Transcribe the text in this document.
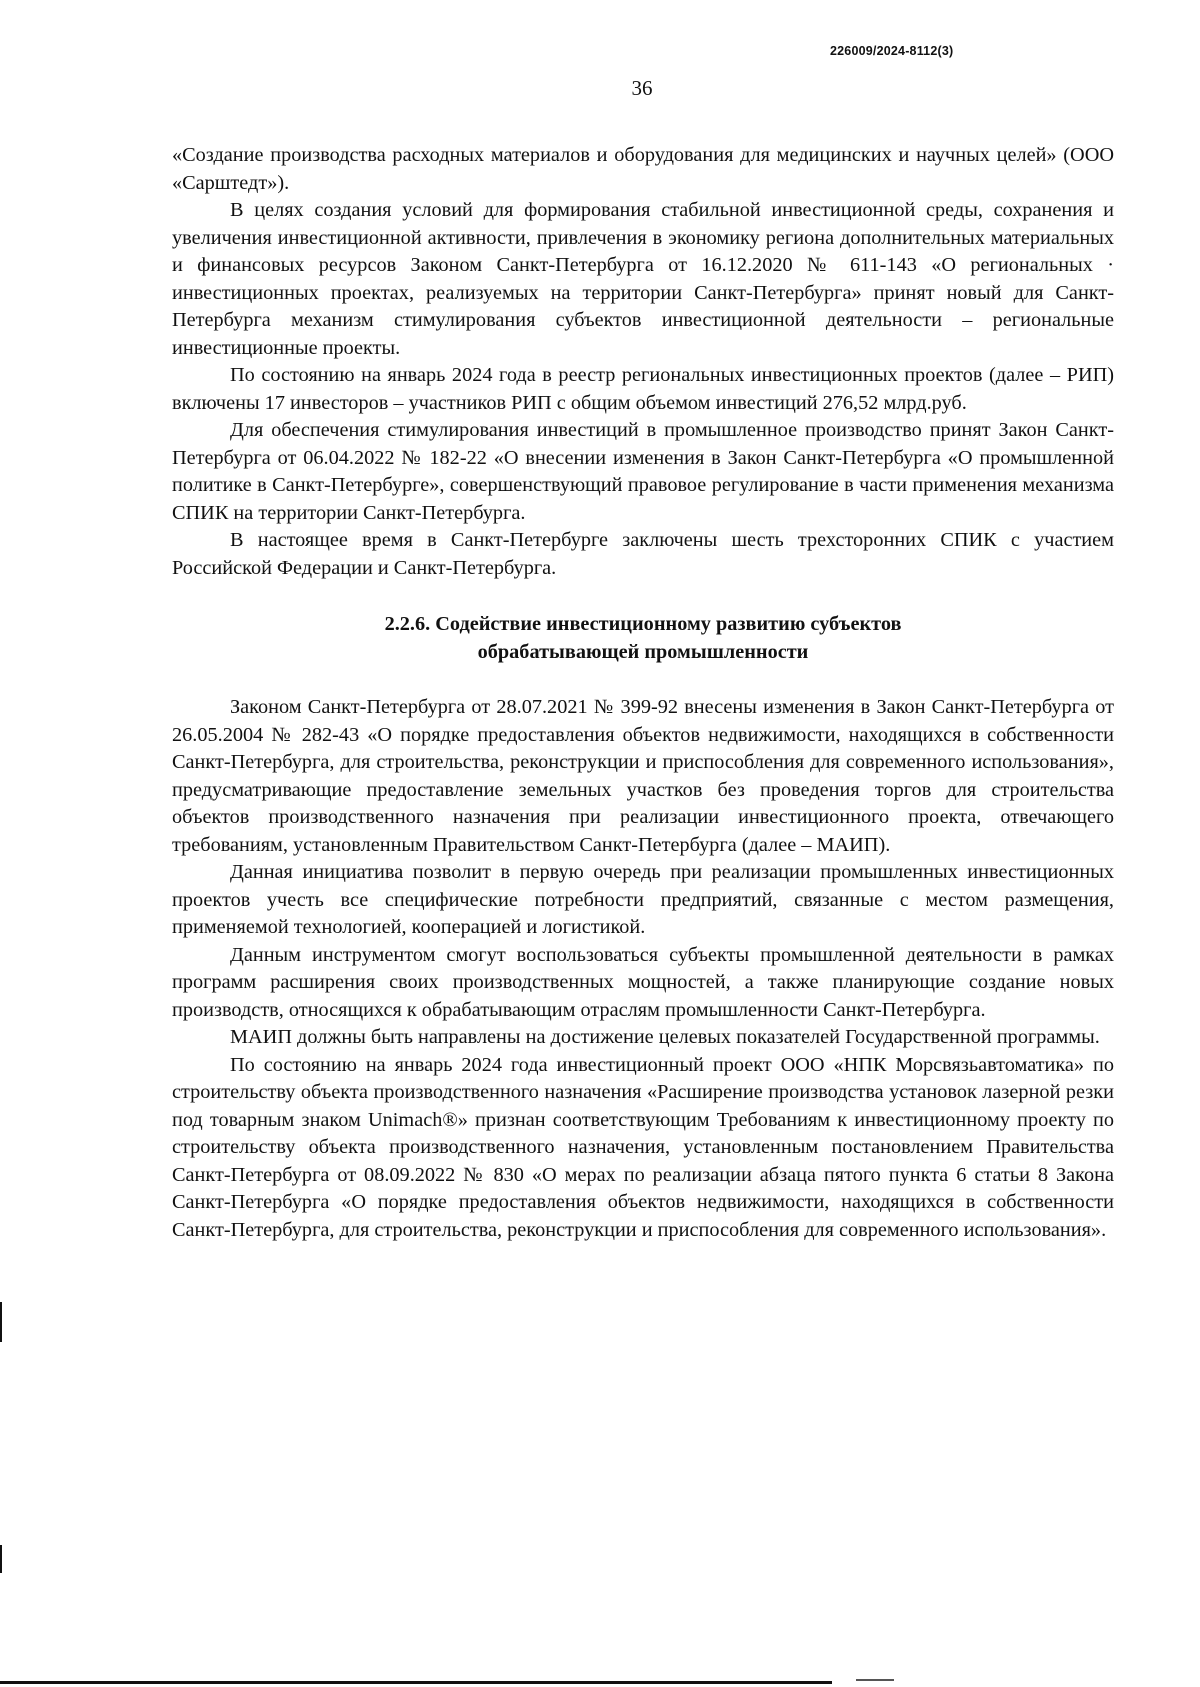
226009/2024-8112(3)
36

«Создание производства расходных материалов и оборудования для медицинских и научных целей» (ООО «Сарштедт»).

В целях создания условий для формирования стабильной инвестиционной среды, сохранения и увеличения инвестиционной активности, привлечения в экономику региона дополнительных материальных и финансовых ресурсов Законом Санкт-Петербурга от 16.12.2020 № 611-143 «О региональных · инвестиционных проектах, реализуемых на территории Санкт-Петербурга» принят новый для Санкт-Петербурга механизм стимулирования субъектов инвестиционной деятельности – региональные инвестиционные проекты.

По состоянию на январь 2024 года в реестр региональных инвестиционных проектов (далее – РИП) включены 17 инвесторов – участников РИП с общим объемом инвестиций 276,52 млрд.руб.

Для обеспечения стимулирования инвестиций в промышленное производство принят Закон Санкт-Петербурга от 06.04.2022 № 182-22 «О внесении изменения в Закон Санкт-Петербурга «О промышленной политике в Санкт-Петербурге», совершенствующий правовое регулирование в части применения механизма СПИК на территории Санкт-Петербурга.

В настоящее время в Санкт-Петербурге заключены шесть трехсторонних СПИК с участием Российской Федерации и Санкт-Петербурга.

2.2.6. Содействие инвестиционному развитию субъектов
обрабатывающей промышленности

Законом Санкт-Петербурга от 28.07.2021 № 399-92 внесены изменения в Закон Санкт-Петербурга от 26.05.2004 № 282-43 «О порядке предоставления объектов недвижимости, находящихся в собственности Санкт-Петербурга, для строительства, реконструкции и приспособления для современного использования», предусматривающие предоставление земельных участков без проведения торгов для строительства объектов производственного назначения при реализации инвестиционного проекта, отвечающего требованиям, установленным Правительством Санкт-Петербурга (далее – МАИП).

Данная инициатива позволит в первую очередь при реализации промышленных инвестиционных проектов учесть все специфические потребности предприятий, связанные с местом размещения, применяемой технологией, кооперацией и логистикой.

Данным инструментом смогут воспользоваться субъекты промышленной деятельности в рамках программ расширения своих производственных мощностей, а также планирующие создание новых производств, относящихся к обрабатывающим отраслям промышленности Санкт-Петербурга.

МАИП должны быть направлены на достижение целевых показателей Государственной программы.

По состоянию на январь 2024 года инвестиционный проект ООО «НПК Морсвязьавтоматика» по строительству объекта производственного назначения «Расширение производства установок лазерной резки под товарным знаком Unimach®» признан соответствующим Требованиям к инвестиционному проекту по строительству объекта производственного назначения, установленным постановлением Правительства Санкт-Петербурга от 08.09.2022 № 830 «О мерах по реализации абзаца пятого пункта 6 статьи 8 Закона Санкт-Петербурга «О порядке предоставления объектов недвижимости, находящихся в собственности Санкт-Петербурга, для строительства, реконструкции и приспособления для современного использования».
